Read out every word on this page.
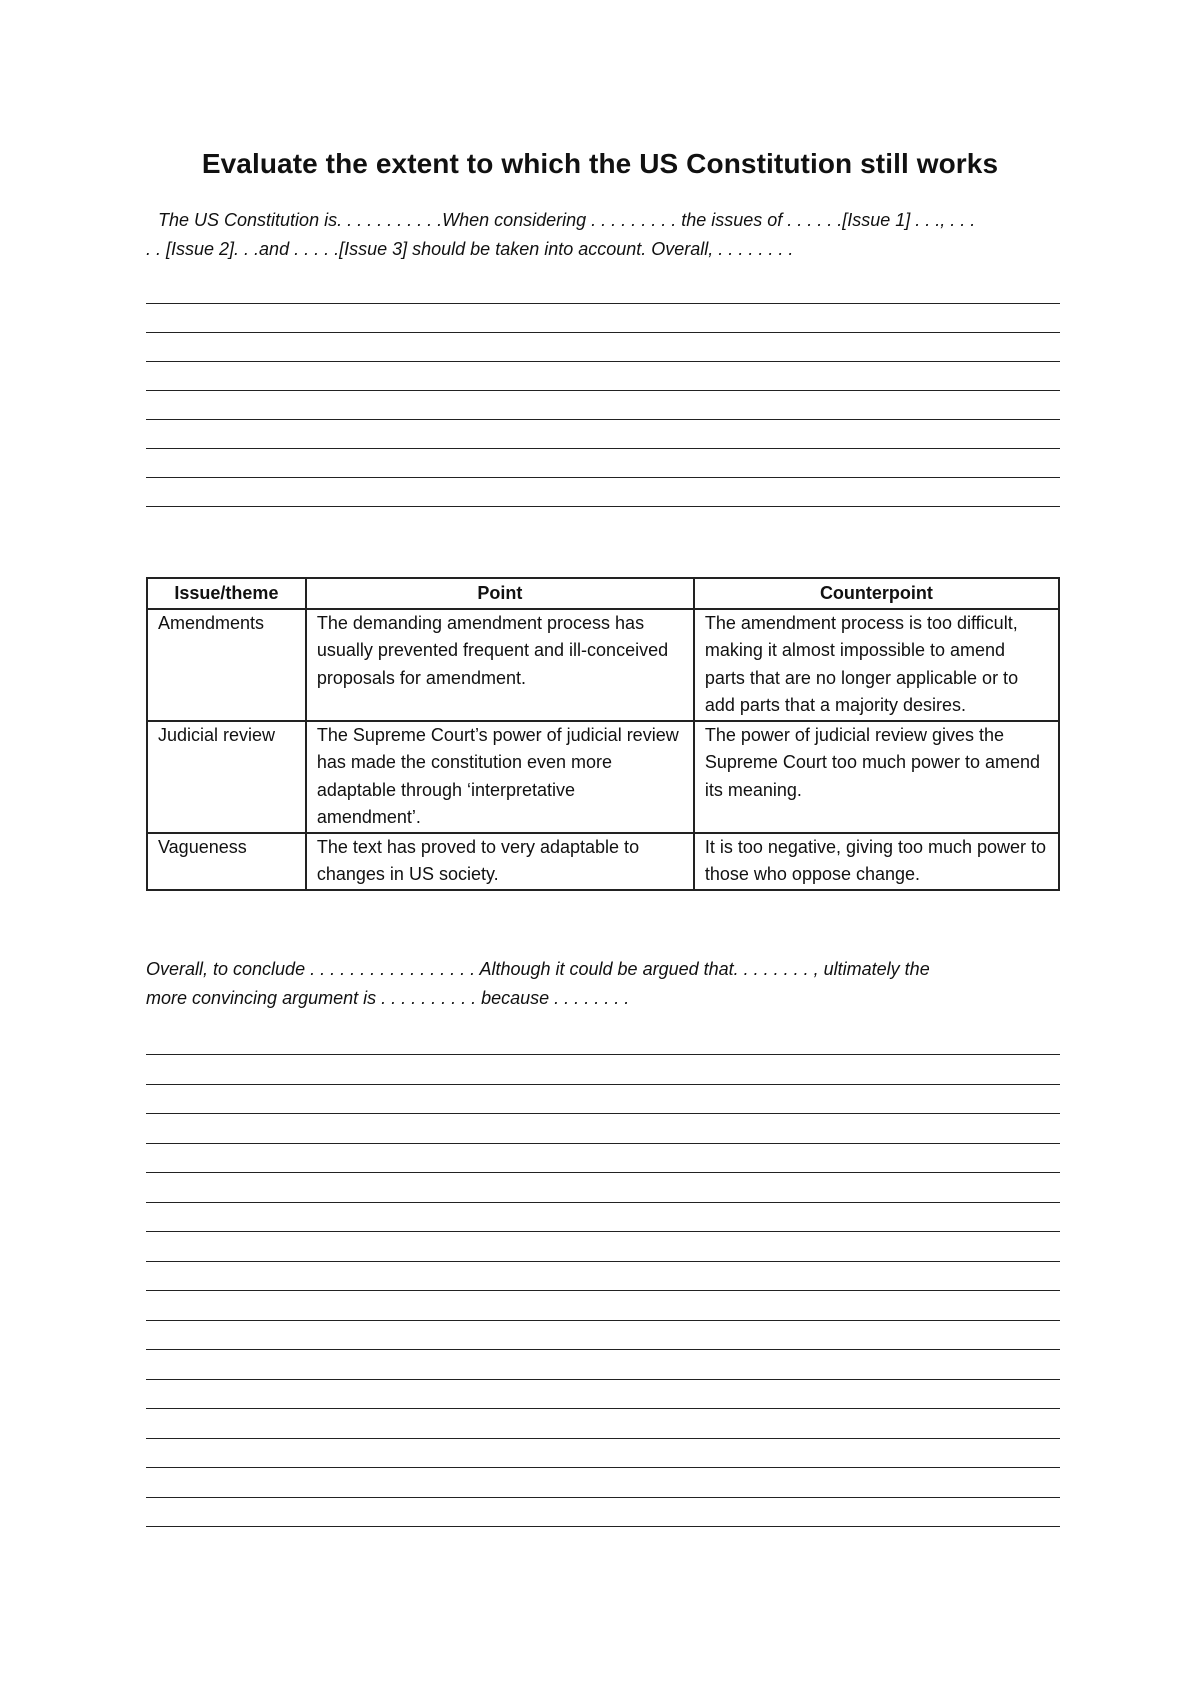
Evaluate the extent to which the US Constitution still works

The US Constitution is. . . . . . . . . . .When considering . . . . . . . . . the issues of . . . . . .[Issue 1] . . ., . . .

. . [Issue 2]. . .and . . . . .[Issue 3] should be taken into account. Overall, . . . . . . . .

Issue/theme	Point	Counterpoint
Amendments	The demanding amendment process has usually prevented frequent and ill-conceived proposals for amendment.	The amendment process is too difficult, making it almost impossible to amend parts that are no longer applicable or to add parts that a majority desires.
Judicial review	The Supreme Court’s power of judicial review has made the constitution even more adaptable through ‘interpretative amendment’.	The power of judicial review gives the Supreme Court too much power to amend its meaning.
Vagueness	The text has proved to very adaptable to changes in US society.	It is too negative, giving too much power to those who oppose change.

Overall, to conclude . . . . . . . . . . . . . . . . . Although it could be argued that. . . . . . . . , ultimately the

more convincing argument is . . . . . . . . . . because . . . . . . . .
